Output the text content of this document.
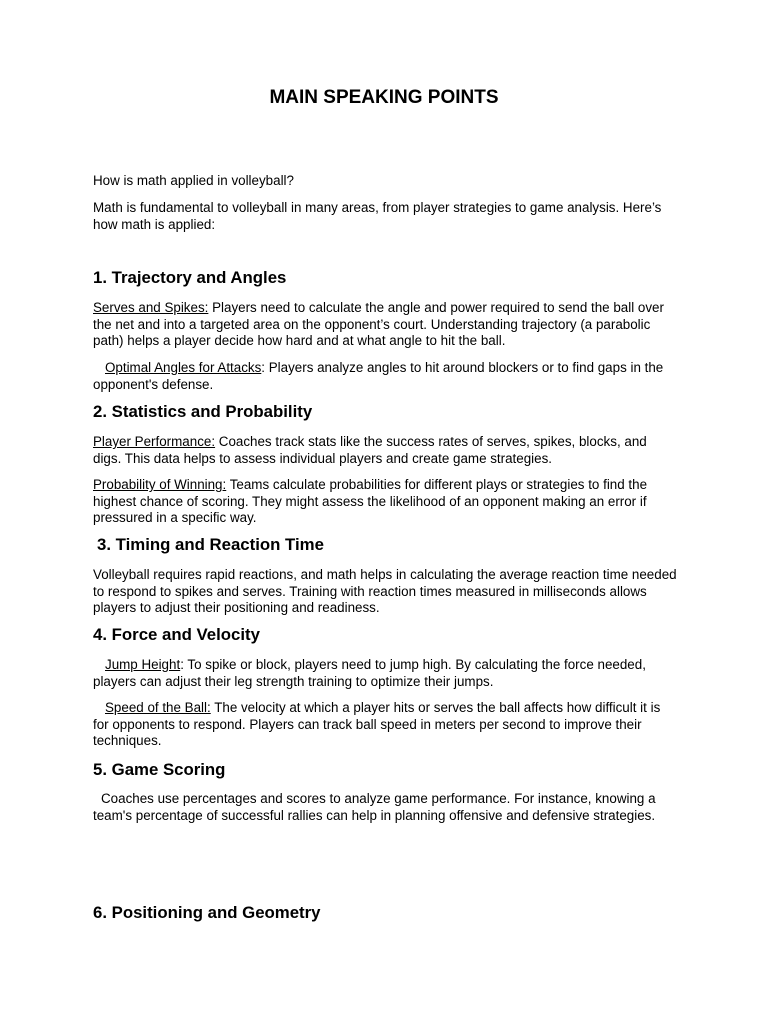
MAIN SPEAKING POINTS

How is math applied in volleyball?

Math is fundamental to volleyball in many areas, from player strategies to game analysis. Here’s how math is applied:

1. Trajectory and Angles

Serves and Spikes: Players need to calculate the angle and power required to send the ball over the net and into a targeted area on the opponent’s court. Understanding trajectory (a parabolic path) helps a player decide how hard and at what angle to hit the ball.

Optimal Angles for Attacks: Players analyze angles to hit around blockers or to find gaps in the opponent's defense.

2. Statistics and Probability

Player Performance: Coaches track stats like the success rates of serves, spikes, blocks, and digs. This data helps to assess individual players and create game strategies.

Probability of Winning: Teams calculate probabilities for different plays or strategies to find the highest chance of scoring. They might assess the likelihood of an opponent making an error if pressured in a specific way.

3. Timing and Reaction Time

Volleyball requires rapid reactions, and math helps in calculating the average reaction time needed to respond to spikes and serves. Training with reaction times measured in milliseconds allows players to adjust their positioning and readiness.

4. Force and Velocity

Jump Height: To spike or block, players need to jump high. By calculating the force needed, players can adjust their leg strength training to optimize their jumps.

Speed of the Ball: The velocity at which a player hits or serves the ball affects how difficult it is for opponents to respond. Players can track ball speed in meters per second to improve their techniques.

5. Game Scoring

Coaches use percentages and scores to analyze game performance. For instance, knowing a team's percentage of successful rallies can help in planning offensive and defensive strategies.

6. Positioning and Geometry
